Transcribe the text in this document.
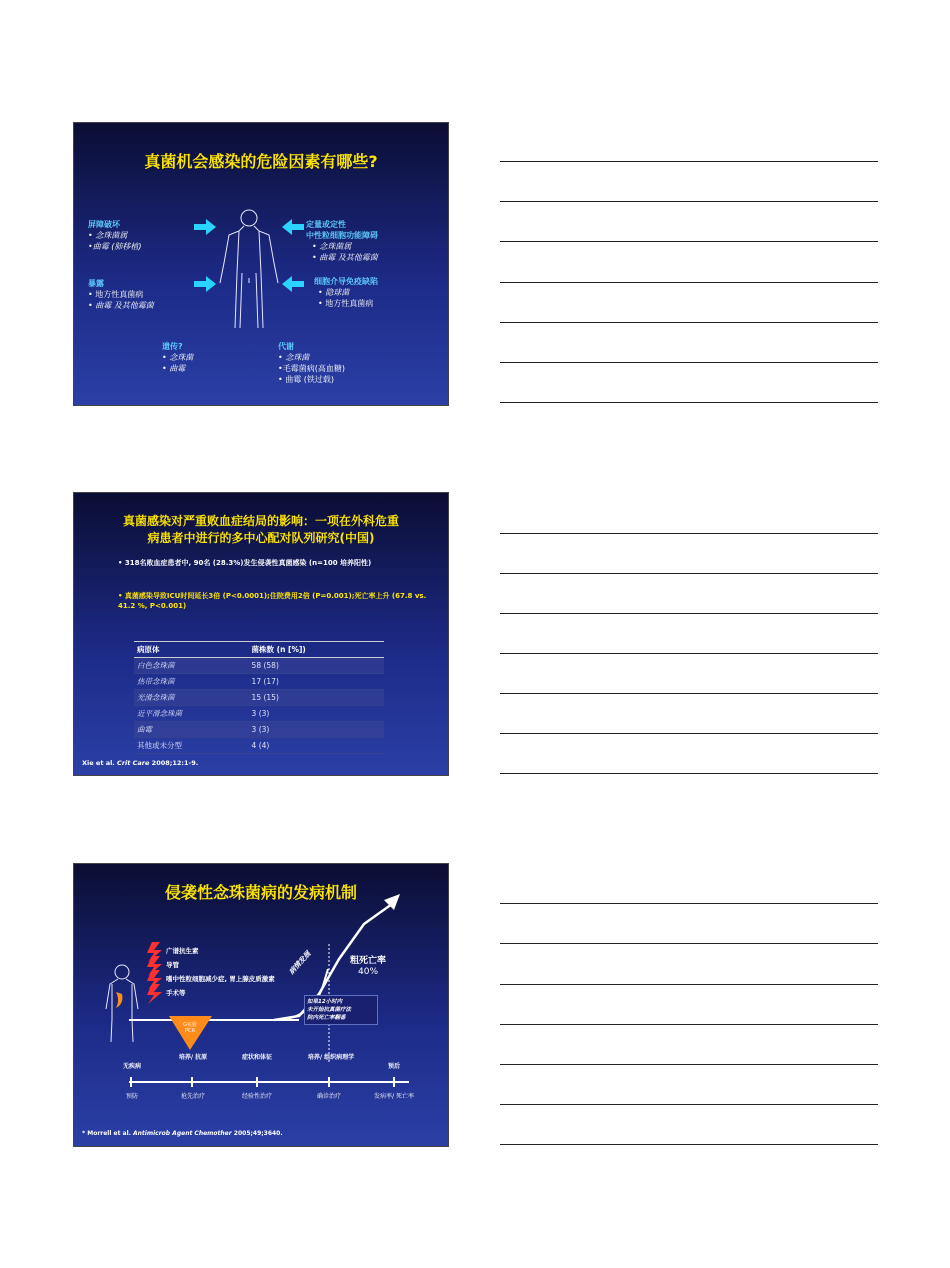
真菌机会感染的危险因素有哪些?
屏障破坏
• 念珠菌属
•曲霉 (肺移植)
暴露
• 地方性真菌病
• 曲霉 及其他霉菌
定量或定性
中性粒细胞功能障碍
• 念珠菌属
• 曲霉 及其他霉菌
细胞介导免疫缺陷
• 隐球菌
• 地方性真菌病
遗传?
• 念珠菌
• 曲霉
代谢
• 念珠菌
•毛霉菌病(高血糖)
• 曲霉 (铁过载)
真菌感染对严重败血症结局的影响：一项在外科危重
病患者中进行的多中心配对队列研究(中国)
• 318名败血症患者中, 90名 (28.3%)发生侵袭性真菌感染 (n=100 培养阳性)
• 真菌感染导致ICU时间延长3倍 (P<0.0001);住院费用2倍 (P=0.001);死亡率上升 (67.8 vs. 41.2 %, P<0.001)
病原体	菌株数 (n [%])
白色念珠菌	58 (58)
热带念珠菌	17 (17)
光滑念珠菌	15 (15)
近平滑念珠菌	3 (3)
曲霉	3 (3)
其他或未分型	4 (4)
Xie et al. Crit Care 2008;12:1-9.
侵袭性念珠菌病的发病机制
广谱抗生素
导管
嗜中性粒细胞减少症, 胃上腺皮质激素
手术等
病情发展	粗死亡率
40%
如果12小时内
未开始抗真菌疗法
院内死亡率翻番
G实验
PCR
无疾病
培养/ 抗原	症状和体征	培养/ 组织病理学
预后
预防	抢先治疗	经验性治疗	确诊治疗	发病率/ 死亡率
* Morrell et al. Antimicrob Agent Chemother 2005;49;3640.
